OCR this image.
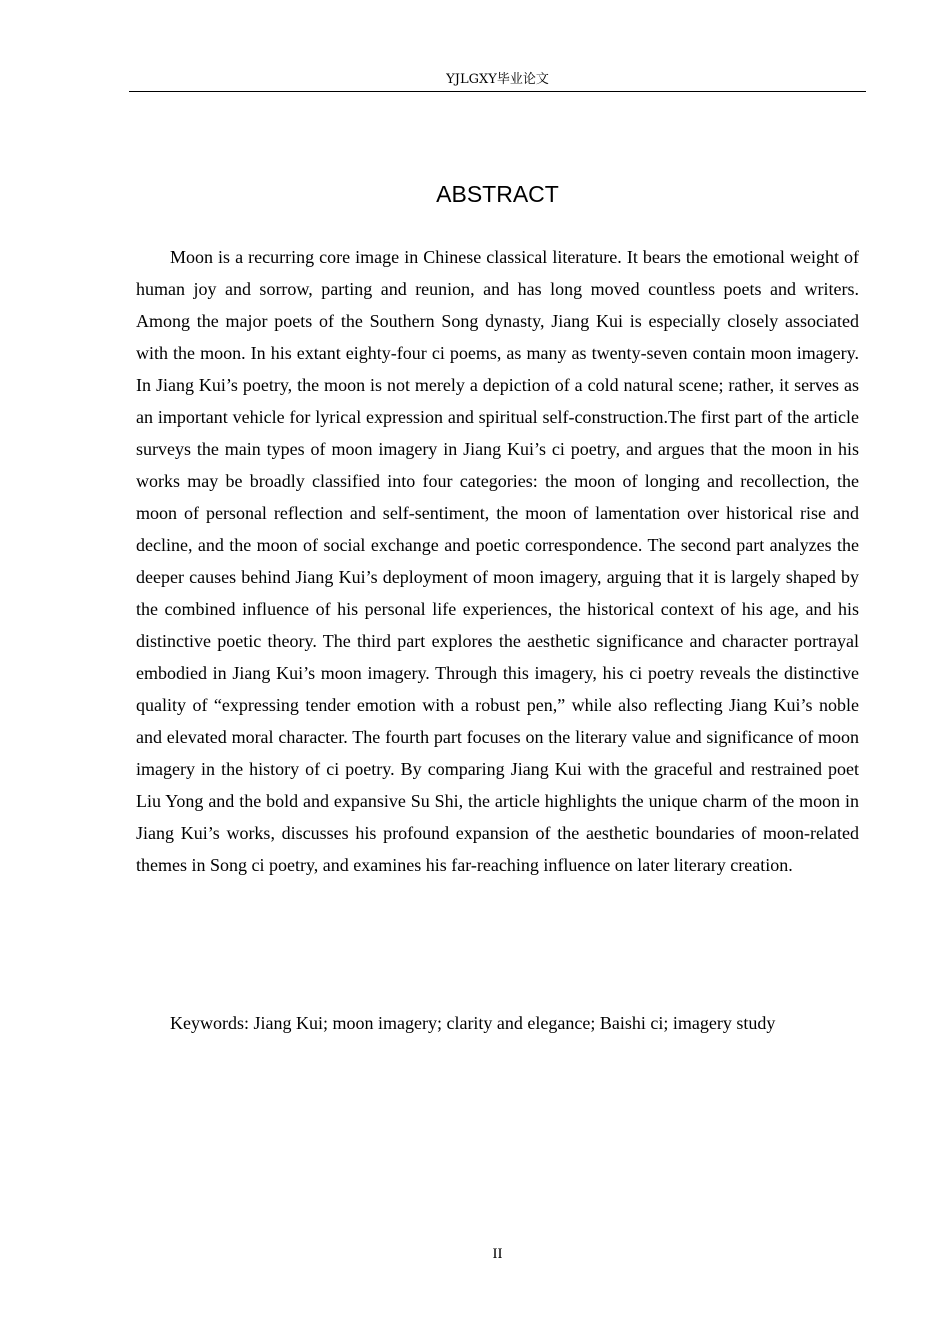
YJLGXY毕业论文
ABSTRACT

Moon is a recurring core image in Chinese classical literature. It bears the emotional weight of human joy and sorrow, parting and reunion, and has long moved countless poets and writers. Among the major poets of the Southern Song dynasty, Jiang Kui is especially closely associated with the moon. In his extant eighty-four ci poems, as many as twenty-seven contain moon imagery. In Jiang Kui’s poetry, the moon is not merely a depiction of a cold natural scene; rather, it serves as an important vehicle for lyrical expression and spiritual self-construction.The first part of the article surveys the main types of moon imagery in Jiang Kui’s ci poetry, and argues that the moon in his works may be broadly classified into four categories: the moon of longing and recollection, the moon of personal reflection and self-sentiment, the moon of lamentation over historical rise and decline, and the moon of social exchange and poetic correspondence. The second part analyzes the deeper causes behind Jiang Kui’s deployment of moon imagery, arguing that it is largely shaped by the combined influence of his personal life experiences, the historical context of his age, and his distinctive poetic theory. The third part explores the aesthetic significance and character portrayal embodied in Jiang Kui’s moon imagery. Through this imagery, his ci poetry reveals the distinctive quality of “expressing tender emotion with a robust pen,” while also reflecting Jiang Kui’s noble and elevated moral character. The fourth part focuses on the literary value and significance of moon imagery in the history of ci poetry. By comparing Jiang Kui with the graceful and restrained poet Liu Yong and the bold and expansive Su Shi, the article highlights the unique charm of the moon in Jiang Kui’s works, discusses his profound expansion of the aesthetic boundaries of moon-related themes in Song ci poetry, and examines his far-reaching influence on later literary creation.

Keywords: Jiang Kui; moon imagery; clarity and elegance; Baishi ci; imagery study

II
